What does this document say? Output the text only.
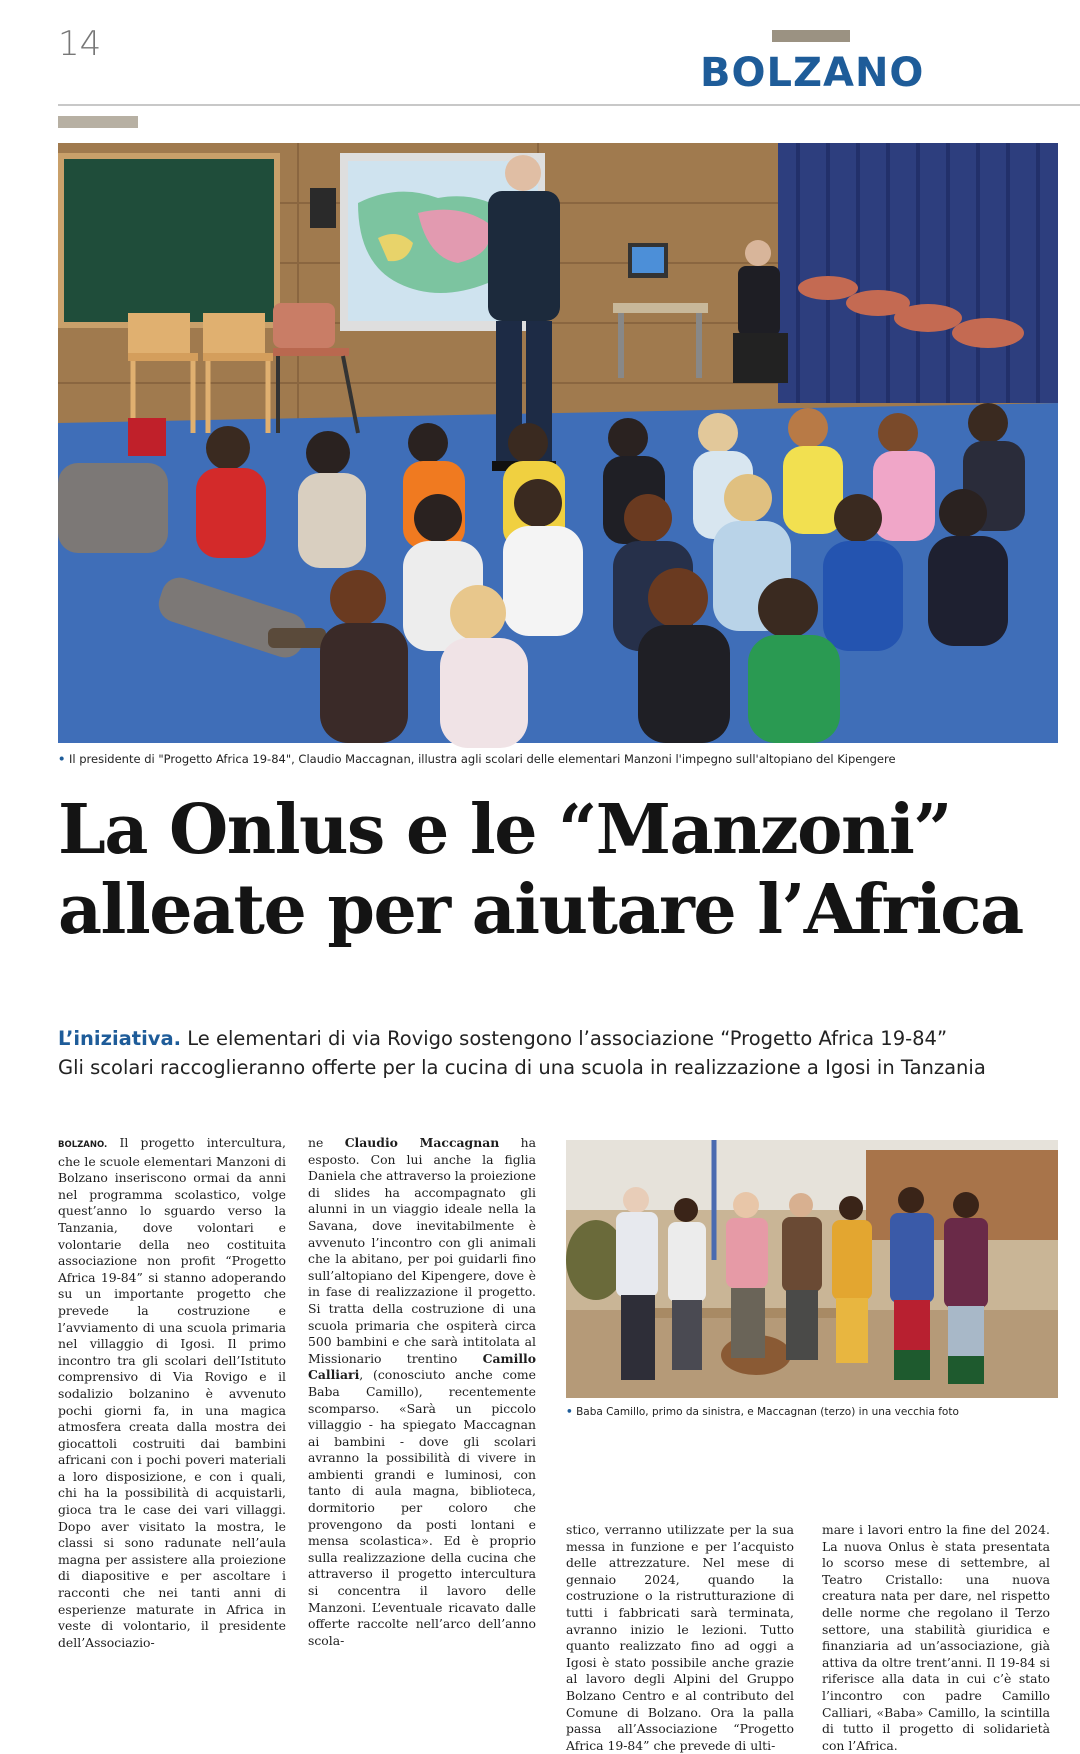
14
BOLZANO
• Il presidente di "Progetto Africa 19-84", Claudio Maccagnan, illustra agli scolari delle elementari Manzoni l'impegno sull'altopiano del Kipengere
La Onlus e le “Manzoni”
alleate per aiutare l’Africa
L’iniziativa. Le elementari di via Rovigo sostengono l’associazione “Progetto Africa 19-84”
Gli scolari raccoglieranno offerte per la cucina di una scuola in realizzazione a Igosi in Tanzania
BOLZANO. Il progetto intercultura, che le scuole elementari Manzoni di Bolzano inseriscono ormai da anni nel programma scolastico, volge quest’anno lo sguardo verso la Tanzania, dove volontari e volontarie della neo costituita associazione non profit “Progetto Africa 19-84” si stanno adoperando su un importante progetto che prevede la costruzione e l’avviamento di una scuola primaria nel villaggio di Igosi. Il primo incontro tra gli scolari dell’Istituto comprensivo di Via Rovigo e il sodalizio bolzanino è avvenuto pochi giorni fa, in una magica atmosfera creata dalla mostra dei giocattoli costruiti dai bambini africani con i pochi poveri materiali a loro disposizione, e con i quali, chi ha la possibilità di acquistarli, gioca tra le case dei vari villaggi. Dopo aver visitato la mostra, le classi si sono radunate nell’aula magna per assistere alla proiezione di diapositive e per ascoltare i racconti che nei tanti anni di esperienze maturate in Africa in veste di volontario, il presidente dell’Associazio-
ne Claudio Maccagnan ha esposto. Con lui anche la figlia Daniela che attraverso la proiezione di slides ha accompagnato gli alunni in un viaggio ideale nella la Savana, dove inevitabilmente è avvenuto l’incontro con gli animali che la abitano, per poi guidarli fino sull’altopiano del Kipengere, dove è in fase di realizzazione il progetto. Si tratta della costruzione di una scuola primaria che ospiterà circa 500 bambini e che sarà intitolata al Missionario trentino Camillo Calliari, (conosciuto anche come Baba Camillo), recentemente scomparso. «Sarà un piccolo villaggio - ha spiegato Maccagnan ai bambini - dove gli scolari avranno la possibilità di vivere in ambienti grandi e luminosi, con tanto di aula magna, biblioteca, dormitorio per coloro che provengono da posti lontani e mensa scolastica». Ed è proprio sulla realizzazione della cucina che attraverso il progetto intercultura si concentra il lavoro delle Manzoni. L’eventuale ricavato dalle offerte raccolte nell’arco dell’anno scola-
• Baba Camillo, primo da sinistra, e Maccagnan (terzo) in una vecchia foto
stico, verranno utilizzate per la sua messa in funzione e per l’acquisto delle attrezzature. Nel mese di gennaio 2024, quando la costruzione o la ristrutturazione di tutti i fabbricati sarà terminata, avranno inizio le lezioni. Tutto quanto realizzato fino ad oggi a Igosi è stato possibile anche grazie al lavoro degli Alpini del Gruppo Bolzano Centro e al contributo del Comune di Bolzano. Ora la palla passa all’Associazione “Progetto Africa 19-84” che prevede di ulti-
mare i lavori entro la fine del 2024. La nuova Onlus è stata presentata lo scorso mese di settembre, al Teatro Cristallo: una nuova creatura nata per dare, nel rispetto delle norme che regolano il Terzo settore, una stabilità giuridica e finanziaria ad un’associazione, già attiva da oltre trent’anni. Il 19-84 si riferisce alla data in cui c’è stato l’incontro con padre Camillo Calliari, «Baba» Camillo, la scintilla di tutto il progetto di solidarietà con l’Africa.
